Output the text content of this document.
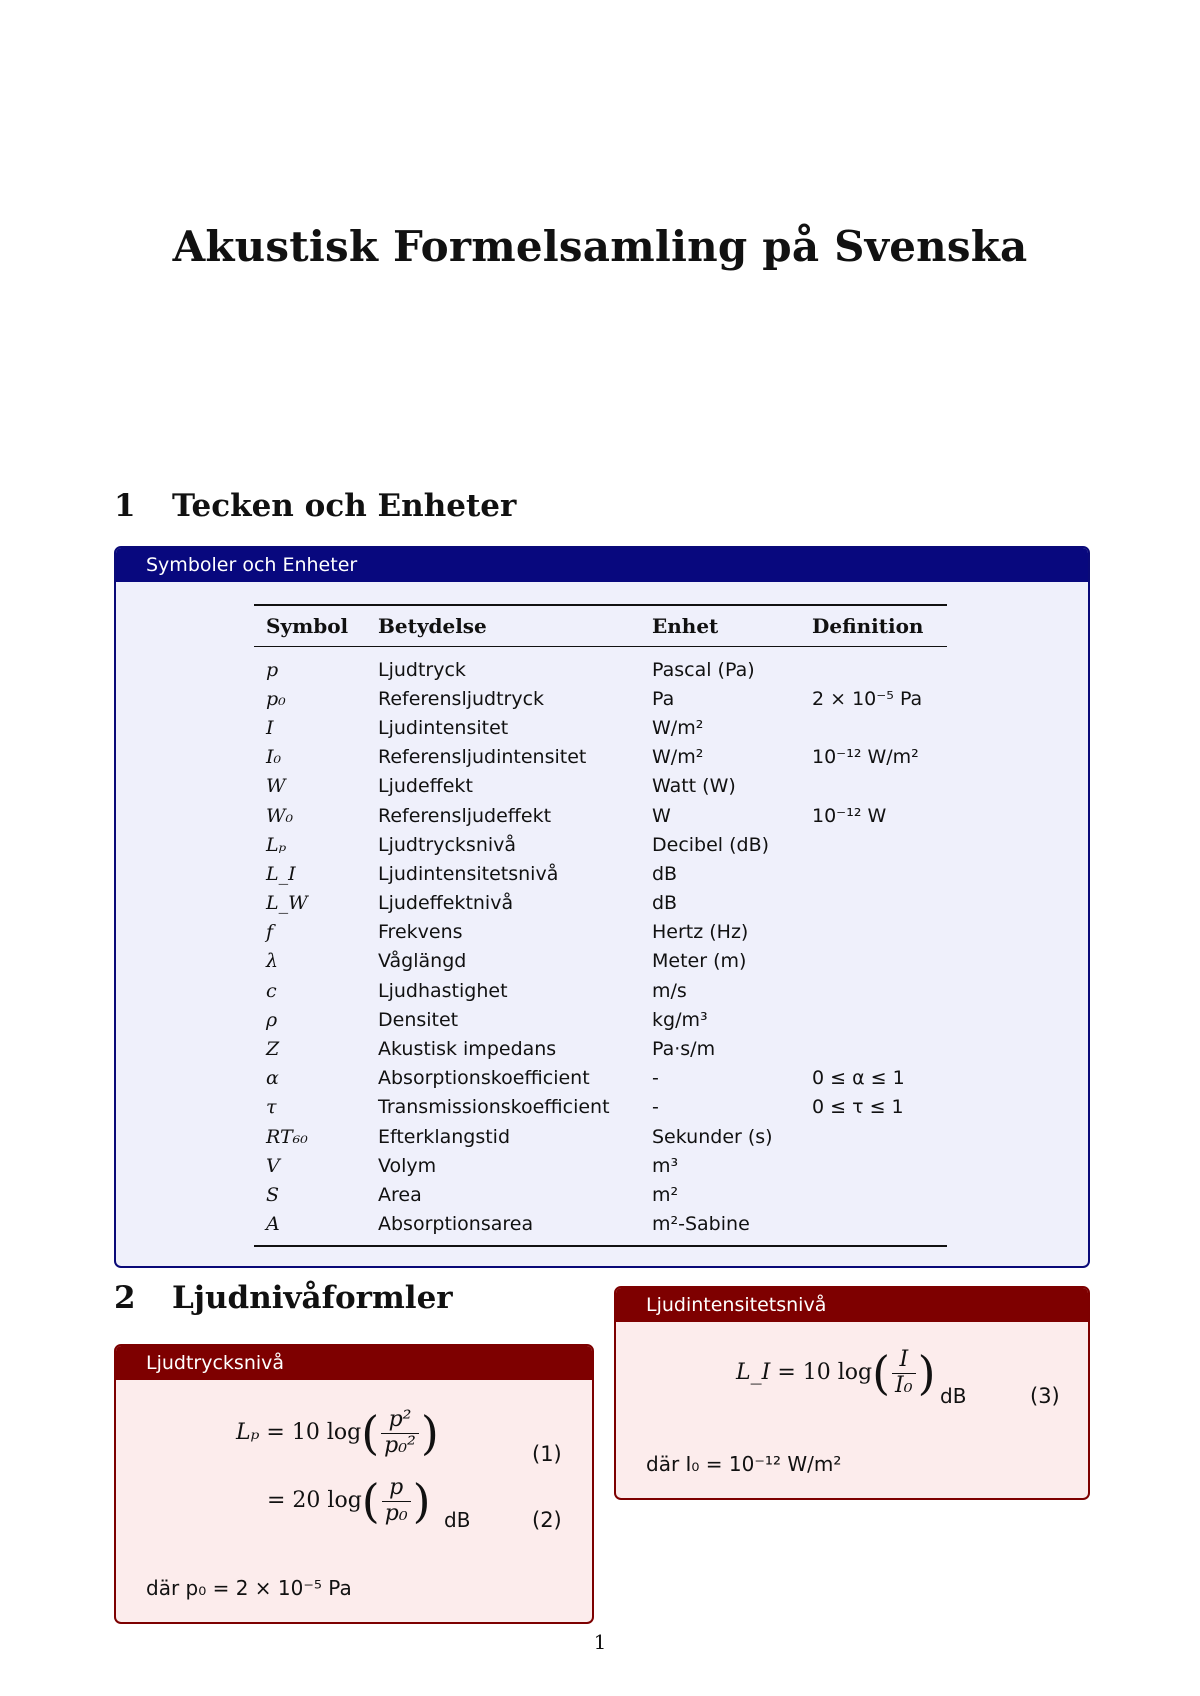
Akustisk Formelsamling på Svenska
1 Tecken och Enheter
Symboler och Enheter
Symbol	Betydelse	Enhet	Definition
p	Ljudtryck	Pascal (Pa)	
p₀	Referensljudtryck	Pa	2 × 10⁻⁵ Pa
I	Ljudintensitet	W/m²	
I₀	Referensljudintensitet	W/m²	10⁻¹² W/m²
W	Ljudeffekt	Watt (W)	
W₀	Referensljudeffekt	W	10⁻¹² W
Lₚ	Ljudtrycksnivå	Decibel (dB)	
L_I	Ljudintensitetsnivå	dB	
L_W	Ljudeffektnivå	dB	
f	Frekvens	Hertz (Hz)	
λ	Våglängd	Meter (m)	
c	Ljudhastighet	m/s	
ρ	Densitet	kg/m³	
Z	Akustisk impedans	Pa·s/m	
α	Absorptionskoefficient	-	0 ≤ α ≤ 1
τ	Transmissionskoefficient	-	0 ≤ τ ≤ 1
RT₆₀	Efterklangstid	Sekunder (s)	
V	Volym	m³	
S	Area	m²	
A	Absorptionsarea	m²-Sabine	
2 Ljudnivåformler
Ljudtrycksnivå
Lₚ = 10 $\log( \frac{\text{p²}}{\text{p₀²}}$ )	(1)
= 20 $\log( \frac{p}{\text{p₀}}$ ) dB	(2)
där p₀ = 2 × 10⁻⁵ Pa
Ljudintensitetsnivå
L_I = 10 $\log( \frac{I}{\text{I₀}}$ ) dB	(3)
där I₀ = 10⁻¹² W/m²
1
